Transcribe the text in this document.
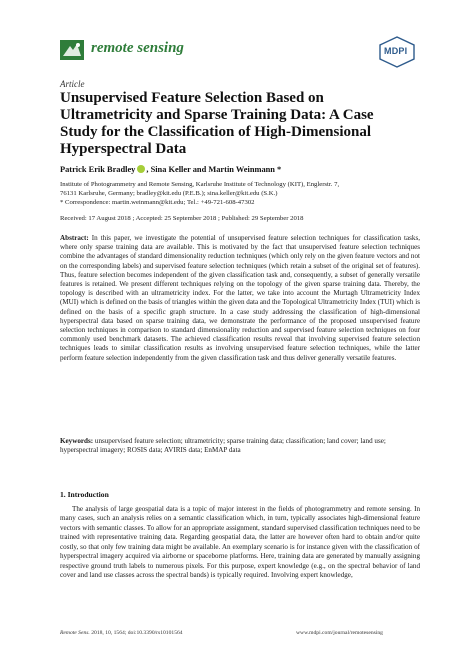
remote sensing	MDPI
Article
Unsupervised Feature Selection Based on Ultrametricity and Sparse Training Data: A Case Study for the Classification of High-Dimensional Hyperspectral Data
Patrick Erik Bradley , Sina Keller and Martin Weinmann *
Institute of Photogrammetry and Remote Sensing, Karlsruhe Institute of Technology (KIT), Englerstr. 7,
76131 Karlsruhe, Germany; bradley@kit.edu (P.E.B.); sina.keller@kit.edu (S.K.)
* Correspondence: martin.weinmann@kit.edu; Tel.: +49-721-608-47302
Received: 17 August 2018 ; Accepted: 25 September 2018 ; Published: 29 September 2018
Abstract: In this paper, we investigate the potential of unsupervised feature selection techniques for classification tasks, where only sparse training data are available. This is motivated by the fact that unsupervised feature selection techniques combine the advantages of standard dimensionality reduction techniques (which only rely on the given feature vectors and not on the corresponding labels) and supervised feature selection techniques (which retain a subset of the original set of features). Thus, feature selection becomes independent of the given classification task and, consequently, a subset of generally versatile features is retained. We present different techniques relying on the topology of the given sparse training data. Thereby, the topology is described with an ultrametricity index. For the latter, we take into account the Murtagh Ultrametricity Index (MUI) which is defined on the basis of triangles within the given data and the Topological Ultrametricity Index (TUI) which is defined on the basis of a specific graph structure. In a case study addressing the classification of high-dimensional hyperspectral data based on sparse training data, we demonstrate the performance of the proposed unsupervised feature selection techniques in comparison to standard dimensionality reduction and supervised feature selection techniques on four commonly used benchmark datasets. The achieved classification results reveal that involving supervised feature selection techniques leads to similar classification results as involving unsupervised feature selection techniques, while the latter perform feature selection independently from the given classification task and thus deliver generally versatile features.
Keywords: unsupervised feature selection; ultrametricity; sparse training data; classification; land cover; land use; hyperspectral imagery; ROSIS data; AVIRIS data; EnMAP data
1. Introduction
The analysis of large geospatial data is a topic of major interest in the fields of photogrammetry and remote sensing. In many cases, such an analysis relies on a semantic classification which, in turn, typically associates high-dimensional feature vectors with semantic classes. To allow for an appropriate assignment, standard supervised classification techniques need to be trained with representative training data. Regarding geospatial data, the latter are however often hard to obtain and/or quite costly, so that only few training data might be available. An exemplary scenario is for instance given with the classification of hyperspectral imagery acquired via airborne or spaceborne platforms. Here, training data are generated by manually assigning respective ground truth labels to numerous pixels. For this purpose, expert knowledge (e.g., on the spectral behavior of land cover and land use classes across the spectral bands) is typically required. Involving expert knowledge,
Remote Sens. 2018, 10, 1564; doi:10.3390/rs10101564	www.mdpi.com/journal/remotesensing
